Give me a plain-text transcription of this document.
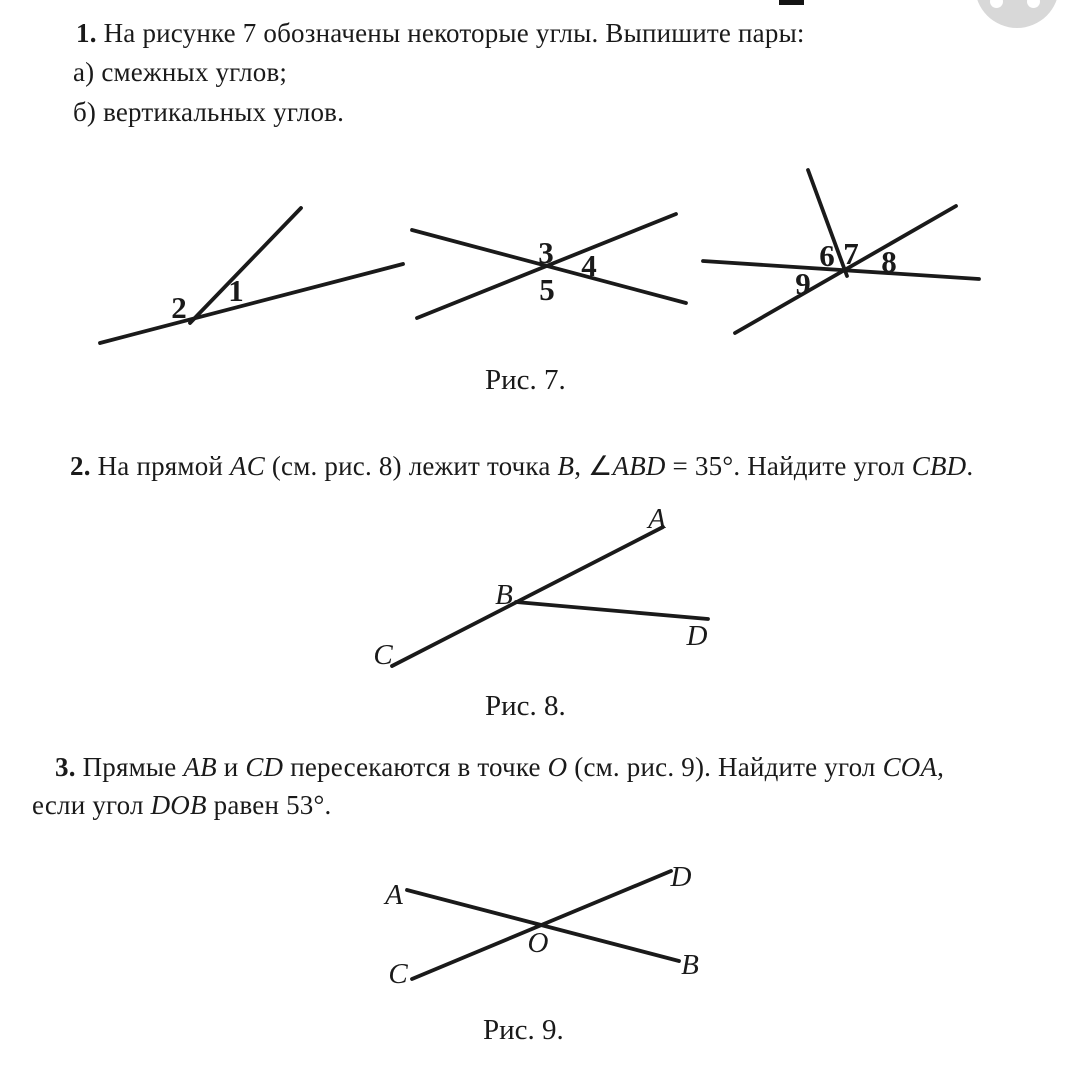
1. На рисунке 7 обозначены некоторые углы. Выпишите пары:

а) смежных углов;

б) вертикальных углов.

1
2
3 4
5
6 7 8
9

Рис. 7.

2. На прямой AC (см. рис. 8) лежит точка B, ∠ABD = 35°. Найдите угол CBD.

A
B
C
D

Рис. 8.

3. Прямые AB и CD пересекаются в точке O (см. рис. 9). Найдите угол COA,

если угол DOB равен 53°.

A
D
O
C	B

Рис. 9.
